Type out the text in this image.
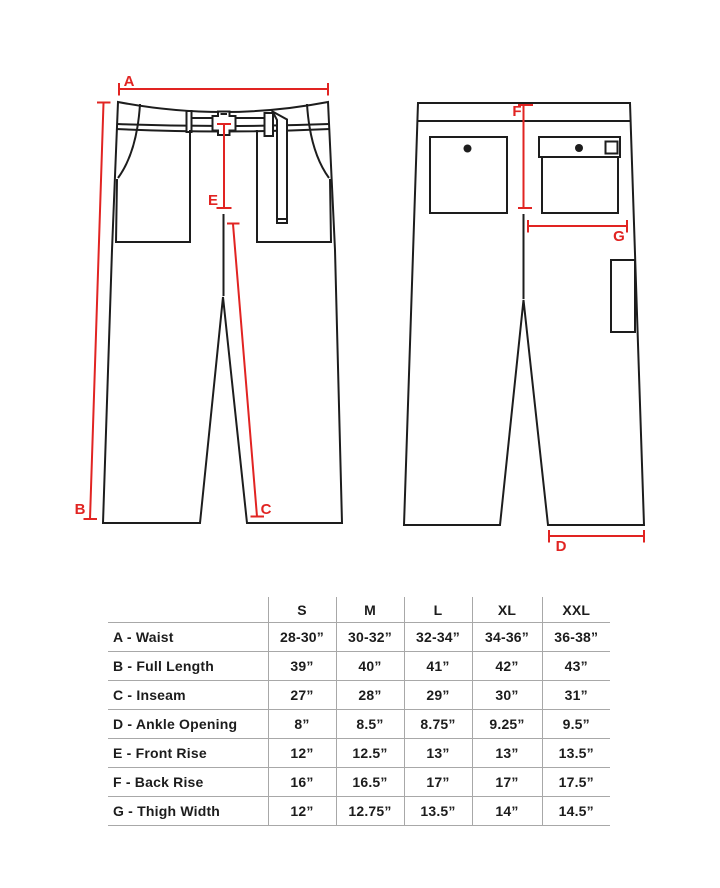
A
B
E
C
F
G
D
	S	M	L	XL	XXL
A - Waist	28-30”	30-32”	32-34”	34-36”	36-38”
B - Full Length	39”	40”	41”	42”	43”
C - Inseam	27”	28”	29”	30”	31”
D - Ankle Opening	8”	8.5”	8.75”	9.25”	9.5”
E - Front Rise	12”	12.5”	13”	13”	13.5”
F - Back Rise	16”	16.5”	17”	17”	17.5”
G - Thigh Width	12”	12.75”	13.5”	14”	14.5”
